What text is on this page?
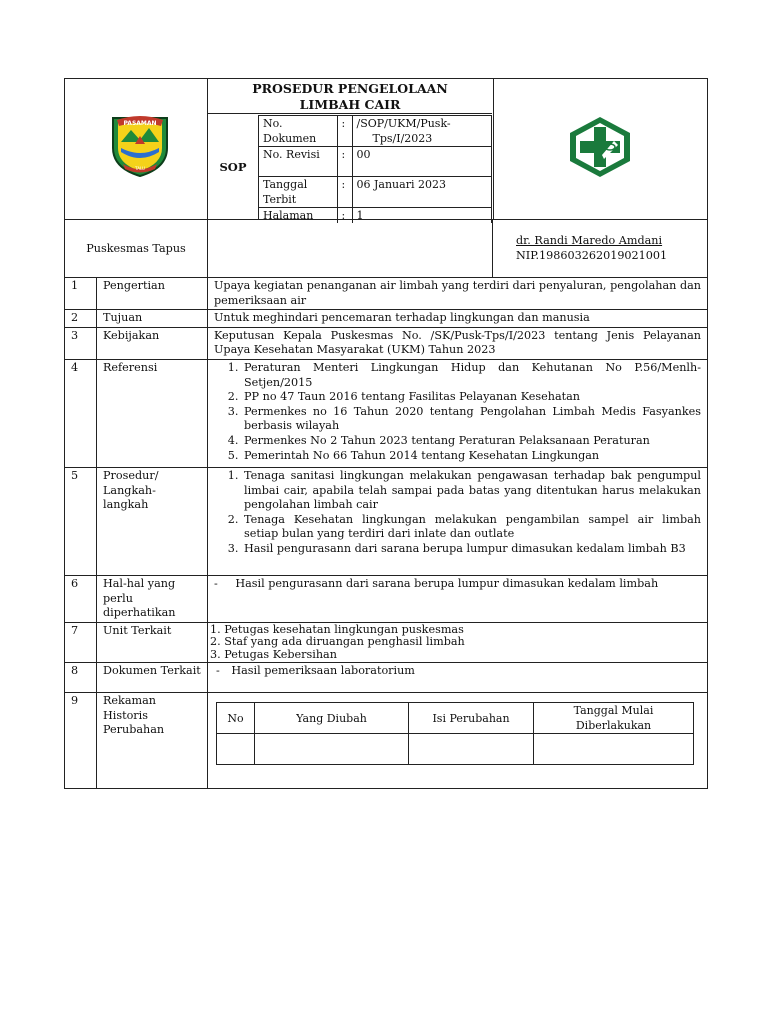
PASAMAN
TALU
PROSEDUR PENGELOLAAN
LIMBAH CAIR
SOP
No. Dokumen	:	/SOP/UKM/Pusk-Tps/I/2023
No. Revisi	:	00
Tanggal Terbit	:	06 Januari 2023
Halaman	:	1
Puskesmas Tapus
dr. Randi Maredo Amdani
NIP.198603262019021001
1	Pengertian	Upaya kegiatan penanganan air limbah yang terdiri dari penyaluran, pengolahan dan pemeriksaan air
2	Tujuan	Untuk meghindari pencemaran terhadap lingkungan dan manusia
3	Kebijakan	Keputusan Kepala Puskesmas No. /SK/Pusk-Tps/I/2023 tentang Jenis Pelayanan Upaya Kesehatan Masyarakat (UKM) Tahun 2023
4	Referensi	
1.Peraturan Menteri Lingkungan Hidup dan Kehutanan No P.56/Menlh-Setjen/2015
2. PP no 47 Taun 2016 tentang Fasilitas Pelayanan Kesehatan
3. Permenkes no 16 Tahun 2020 tentang Pengolahan Limbah Medis Fasyankes berbasis wilayah
4. Permenkes No 2 Tahun 2023 tentang Peraturan Pelaksanaan Peraturan
5. Pemerintah No 66 Tahun 2014 tentang Kesehatan Lingkungan

5	Prosedur/ Langkah-langkah	
1. Tenaga sanitasi lingkungan melakukan pengawasan terhadap bak pengumpul limbai cair, apabila telah sampai pada batas yang ditentukan harus melakukan pengolahan limbah cair
2. Tenaga Kesehatan lingkungan melakukan pengambilan sampel air limbah setiap bulan yang terdiri dari inlate dan outlate
3. Hasil pengurasann dari sarana berupa lumpur dimasukan kedalam limbah B3

6	Hal-hal yang perlu diperhatikan	- Hasil pengurasann dari sarana berupa lumpur dimasukan kedalam limbah
7	Unit Terkait	1. Petugas kesehatan lingkungan puskesmas
2. Staf yang ada diruangan penghasil limbah
3. Petugas Kebersihan

8	Dokumen Terkait	- Hasil pemeriksaan laboratorium
9	Rekaman Historis Perubahan	
No	Yang Diubah	Isi Perubahan	Tanggal Mulai Diberlakukan
